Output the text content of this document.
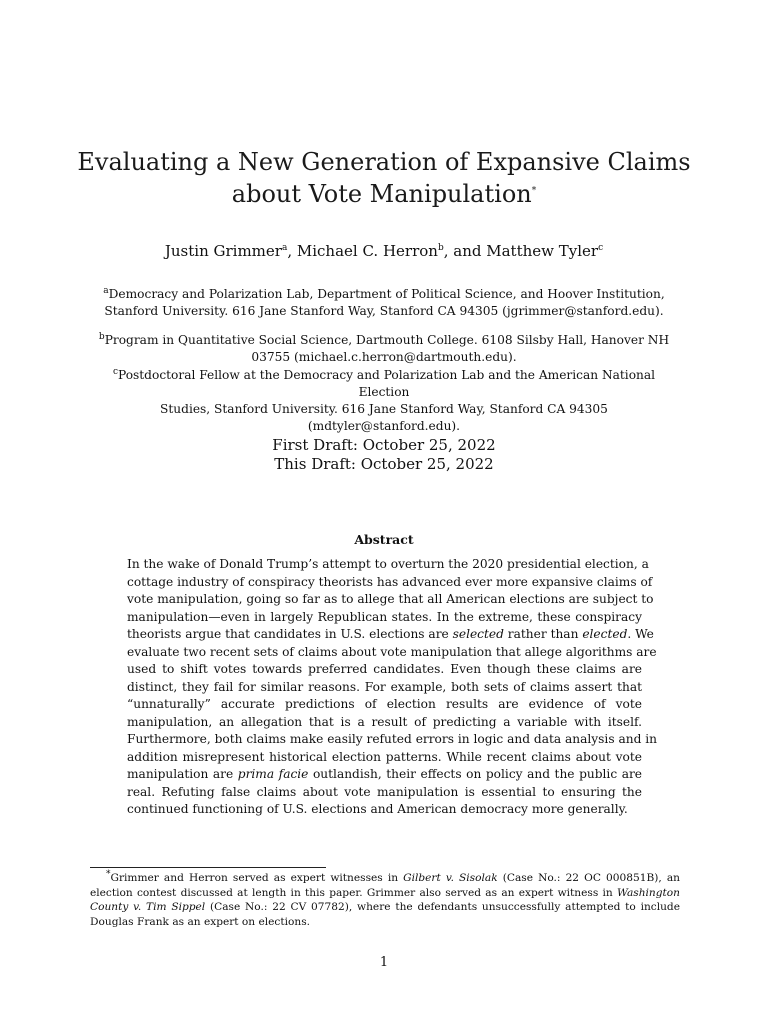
Evaluating a New Generation of Expansive Claims
about Vote Manipulation*
Justin Grimmer$^a$, Michael C. Herron$^b$, and Matthew Tyler$^c$
$^a$Democracy and Polarization Lab, Department of Political Science, and Hoover Institution,
Stanford University. 616 Jane Stanford Way, Stanford CA 94305 (jgrimmer@stanford.edu).
$^b$Program in Quantitative Social Science, Dartmouth College. 6108 Silsby Hall, Hanover NH
03755 (michael.c.herron@dartmouth.edu).
$^c$Postdoctoral Fellow at the Democracy and Polarization Lab and the American National Election
Studies, Stanford University. 616 Jane Stanford Way, Stanford CA 94305 (mdtyler@stanford.edu).
First Draft: October 25, 2022
This Draft: October 25, 2022
Abstract
In the wake of Donald Trump’s attempt to overturn the 2020 presidential election, a
cottage industry of conspiracy theorists has advanced ever more expansive claims of
vote manipulation, going so far as to allege that all American elections are subject to
manipulation—even in largely Republican states. In the extreme, these conspiracy
theorists argue that candidates in U.S. elections are selected rather than elected. We
evaluate two recent sets of claims about vote manipulation that allege algorithms are
used to shift votes towards preferred candidates. Even though these claims are
distinct, they fail for similar reasons. For example, both sets of claims assert that
“unnaturally” accurate predictions of election results are evidence of vote
manipulation, an allegation that is a result of predicting a variable with itself.
Furthermore, both claims make easily refuted errors in logic and data analysis and in
addition misrepresent historical election patterns. While recent claims about vote
manipulation are prima facie outlandish, their effects on policy and the public are
real. Refuting false claims about vote manipulation is essential to ensuring the
continued functioning of U.S. elections and American democracy more generally.
*Grimmer and Herron served as expert witnesses in Gilbert v. Sisolak (Case No.: 22 OC 000851B), an
election contest discussed at length in this paper. Grimmer also served as an expert witness in Washington
County v. Tim Sippel (Case No.: 22 CV 07782), where the defendants unsuccessfully attempted to include
Douglas Frank as an expert on elections.
1
